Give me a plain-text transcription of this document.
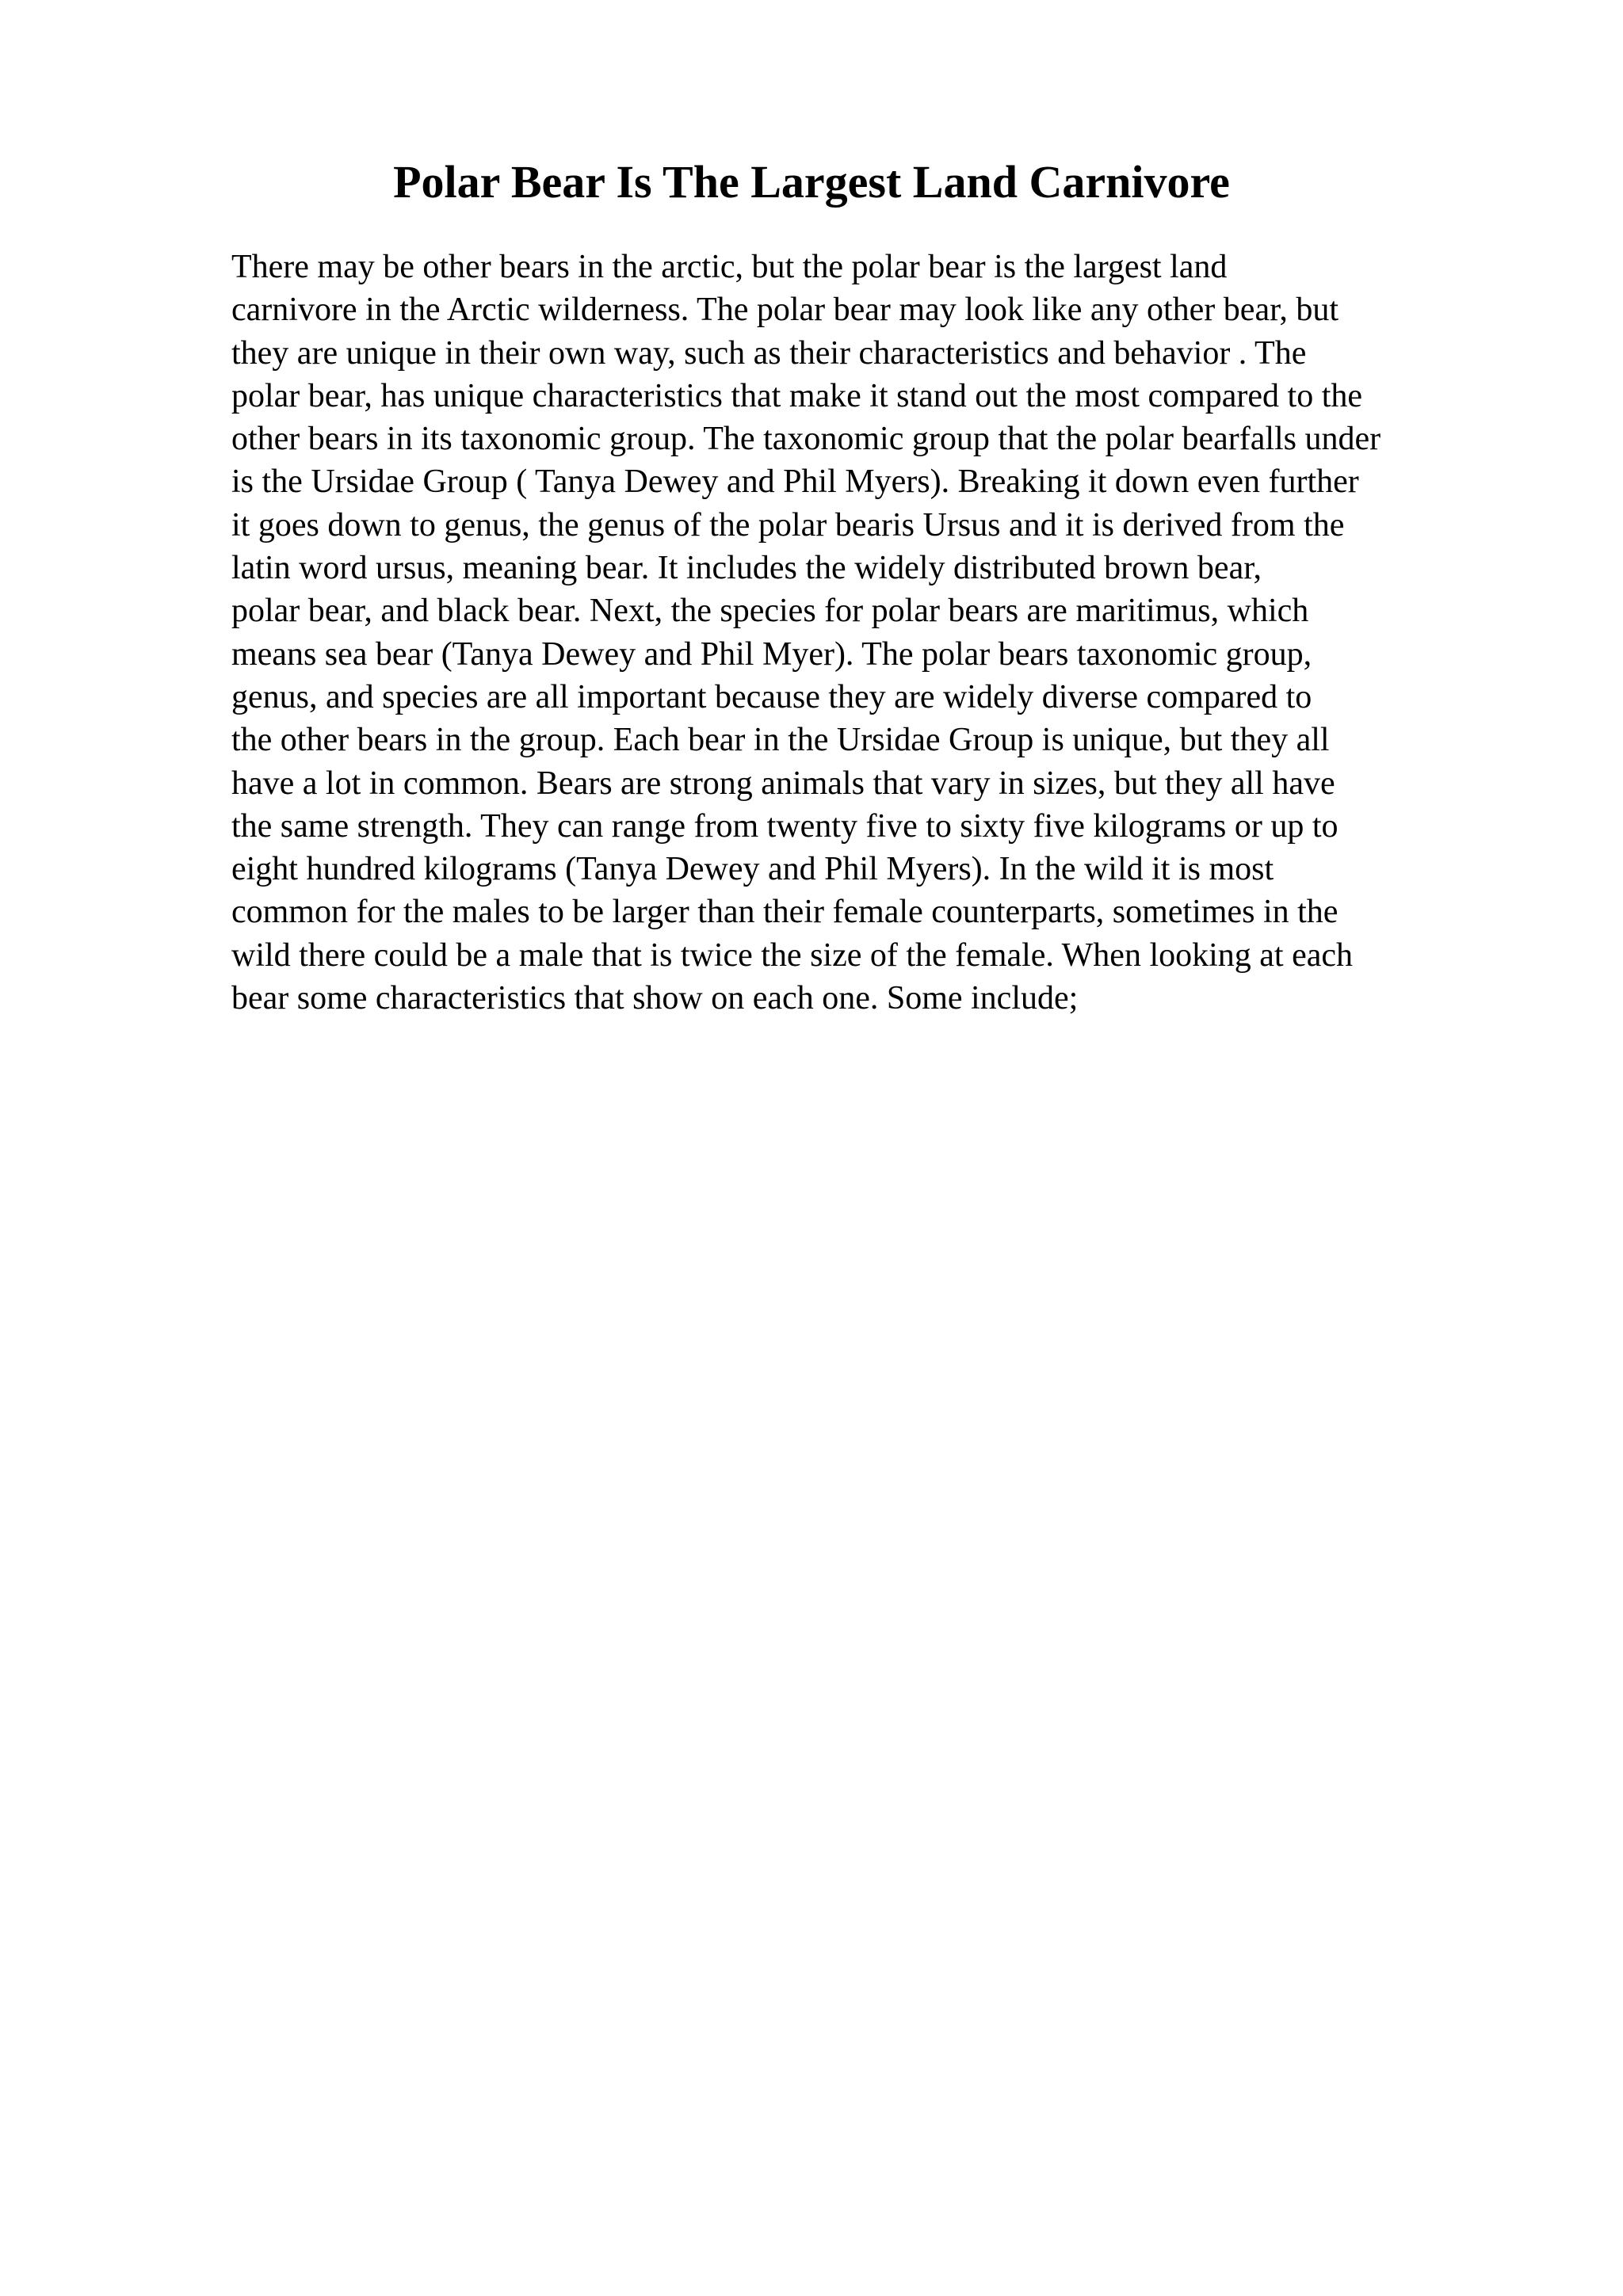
Polar Bear Is The Largest Land Carnivore
There may be other bears in the arctic, but the polar bear is the largest land
carnivore in the Arctic wilderness. The polar bear may look like any other bear, but
they are unique in their own way, such as their characteristics and behavior . The
polar bear, has unique characteristics that make it stand out the most compared to the
other bears in its taxonomic group. The taxonomic group that the polar bearfalls under
is the Ursidae Group ( Tanya Dewey and Phil Myers). Breaking it down even further
it goes down to genus, the genus of the polar bearis Ursus and it is derived from the
latin word ursus, meaning bear. It includes the widely distributed brown bear,
polar bear, and black bear. Next, the species for polar bears are maritimus, which
means sea bear (Tanya Dewey and Phil Myer). The polar bears taxonomic group,
genus, and species are all important because they are widely diverse compared to
the other bears in the group. Each bear in the Ursidae Group is unique, but they all
have a lot in common. Bears are strong animals that vary in sizes, but they all have
the same strength. They can range from twenty five to sixty five kilograms or up to
eight hundred kilograms (Tanya Dewey and Phil Myers). In the wild it is most
common for the males to be larger than their female counterparts, sometimes in the
wild there could be a male that is twice the size of the female. When looking at each
bear some characteristics that show on each one. Some include;
